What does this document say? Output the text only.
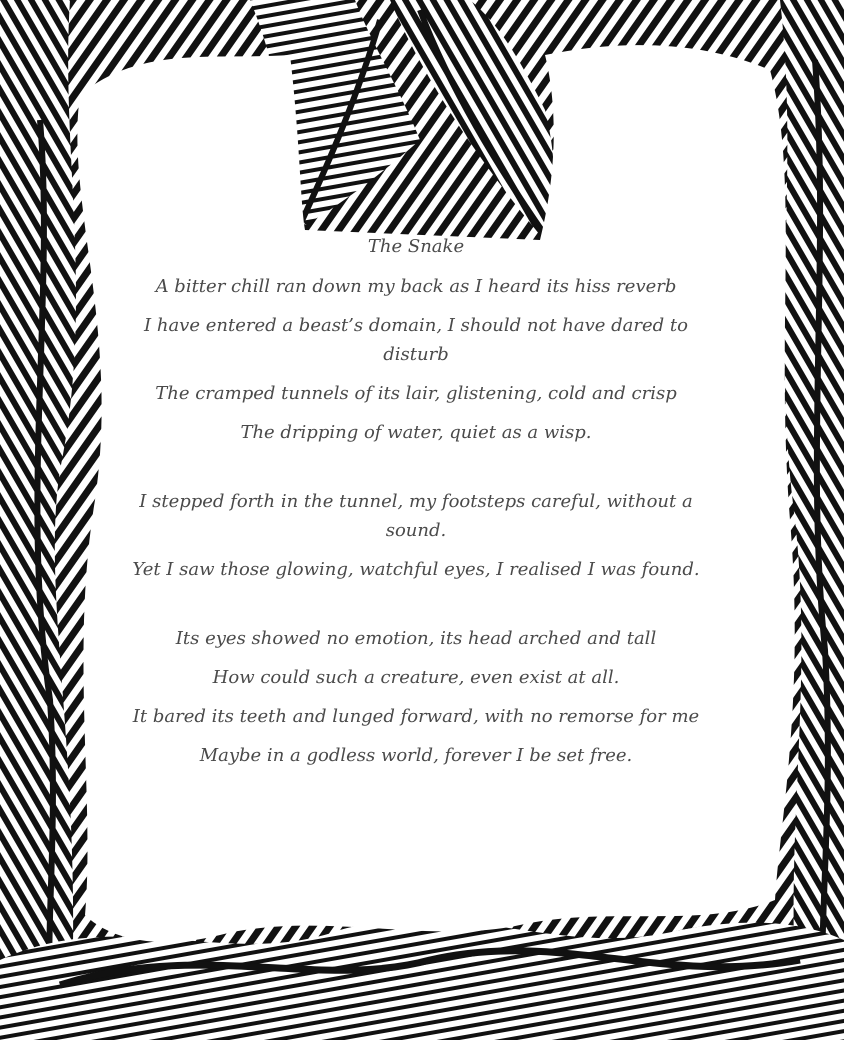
The Snake
A bitter chill ran down my back as I heard its hiss reverb
I have entered a beast’s domain, I should not have dared to disturb
The cramped tunnels of its lair, glistening, cold and crisp
The dripping of water, quiet as a wisp.
I stepped forth in the tunnel, my footsteps careful, without a sound.
Yet I saw those glowing, watchful eyes, I realised I was found.
Its eyes showed no emotion, its head arched and tall
How could such a creature, even exist at all.
It bared its teeth and lunged forward, with no remorse for me
Maybe in a godless world, forever I be set free.
